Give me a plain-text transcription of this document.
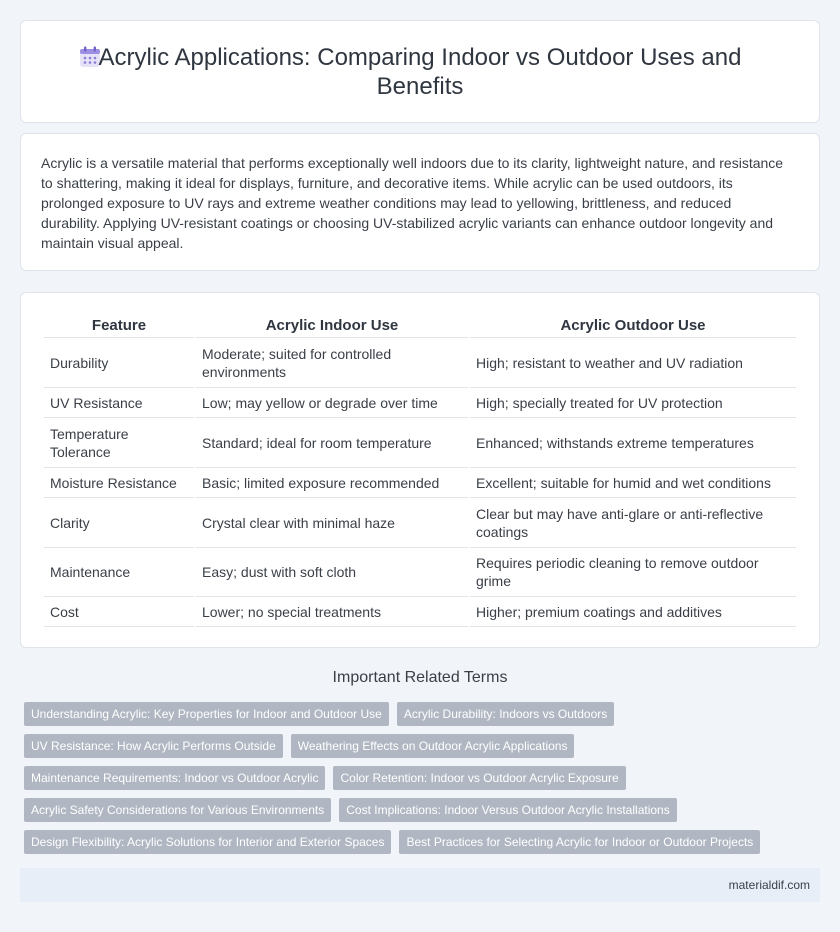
Acrylic Applications: Comparing Indoor vs Outdoor Uses and Benefits

Acrylic is a versatile material that performs exceptionally well indoors due to its clarity, lightweight nature, and resistance to shattering, making it ideal for displays, furniture, and decorative items. While acrylic can be used outdoors, its prolonged exposure to UV rays and extreme weather conditions may lead to yellowing, brittleness, and reduced durability. Applying UV-resistant coatings or choosing UV-stabilized acrylic variants can enhance outdoor longevity and maintain visual appeal.

Feature	Acrylic Indoor Use	Acrylic Outdoor Use
Durability	Moderate; suited for controlled environments	High; resistant to weather and UV radiation
UV Resistance	Low; may yellow or degrade over time	High; specially treated for UV protection
Temperature Tolerance	Standard; ideal for room temperature	Enhanced; withstands extreme temperatures
Moisture Resistance	Basic; limited exposure recommended	Excellent; suitable for humid and wet conditions
Clarity	Crystal clear with minimal haze	Clear but may have anti-glare or anti-reflective coatings
Maintenance	Easy; dust with soft cloth	Requires periodic cleaning to remove outdoor grime
Cost	Lower; no special treatments	Higher; premium coatings and additives
Important Related Terms
Understanding Acrylic: Key Properties for Indoor and Outdoor Use	Acrylic Durability: Indoors vs Outdoors
UV Resistance: How Acrylic Performs Outside	Weathering Effects on Outdoor Acrylic Applications
Maintenance Requirements: Indoor vs Outdoor Acrylic	Color Retention: Indoor vs Outdoor Acrylic Exposure
Acrylic Safety Considerations for Various Environments	Cost Implications: Indoor Versus Outdoor Acrylic Installations
Design Flexibility: Acrylic Solutions for Interior and Exterior Spaces	Best Practices for Selecting Acrylic for Indoor or Outdoor Projects
materialdif.com
